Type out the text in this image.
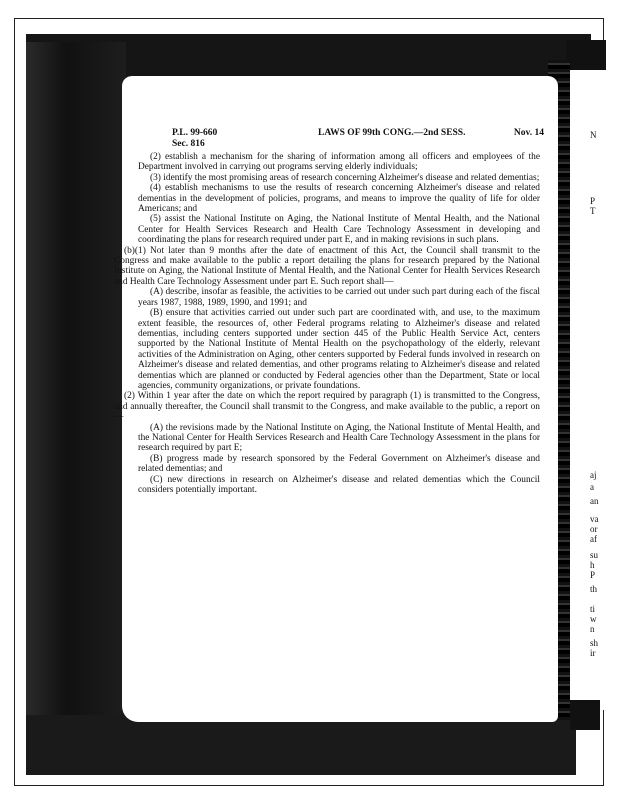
P.L. 99-660
Sec. 816
LAWS OF 99th CONG.—2nd SESS.	Nov. 14

(2) establish a mechanism for the sharing of information among all officers and employees of the Department involved in carrying out programs serving elderly individuals;

(3) identify the most promising areas of research concerning Alzheimer's disease and related dementias;

(4) establish mechanisms to use the results of research concerning Alzheimer's disease and related dementias in the development of policies, programs, and means to improve the quality of life for older Americans; and

(5) assist the National Institute on Aging, the National Institute of Mental Health, and the National Center for Health Services Research and Health Care Technology Assessment in developing and coordinating the plans for research required under part E, and in making revisions in such plans.

(b)(1) Not later than 9 months after the date of enactment of this Act, the Council shall transmit to the Congress and make available to the public a report detailing the plans for research prepared by the National Institute on Aging, the National Institute of Mental Health, and the National Center for Health Services Research and Health Care Technology Assessment under part E. Such report shall—

(A) describe, insofar as feasible, the activities to be carried out under such part during each of the fiscal years 1987, 1988, 1989, 1990, and 1991; and

(B) ensure that activities carried out under such part are coordinated with, and use, to the maximum extent feasible, the resources of, other Federal programs relating to Alzheimer's disease and related dementias, including centers supported under section 445 of the Public Health Service Act, centers supported by the National Institute of Mental Health on the psychopathology of the elderly, relevant activities of the Administration on Aging, other centers supported by Federal funds involved in research on Alzheimer's disease and related dementias, and other programs relating to Alzheimer's disease and related dementias which are planned or conducted by Federal agencies other than the Department, State or local agencies, community organizations, or private foundations.

(2) Within 1 year after the date on which the report required by paragraph (1) is transmitted to the Congress, and annually thereafter, the Council shall transmit to the Congress, and make available to the public, a report on—

(A) the revisions made by the National Institute on Aging, the National Institute of Mental Health, and the National Center for Health Services Research and Health Care Technology Assessment in the plans for research required by part E;

(B) progress made by research sponsored by the Federal Government on Alzheimer's disease and related dementias; and

(C) new directions in research on Alzheimer's disease and related dementias which the Council considers potentially important.

N
P
T
aj
a
an
va
or
af
su
h
P
th
ti
w
n
sh
ir
